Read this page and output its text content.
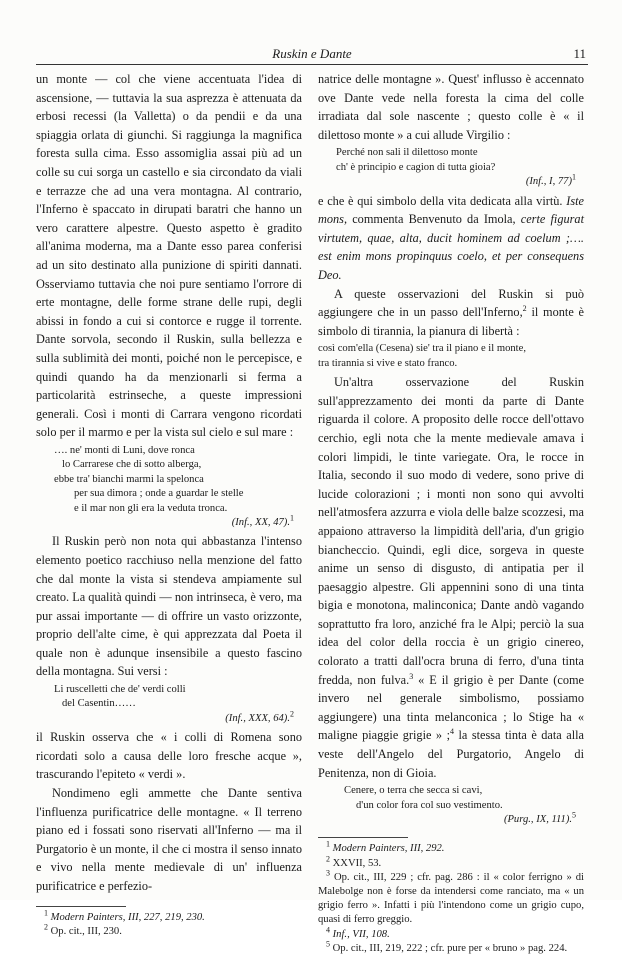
Ruskin e Dante	11

un monte — col che viene accentuata l'idea di ascensione, — tuttavia la sua asprezza è attenuata da erbosi recessi (la Valletta) o da pendii e da una spiaggia orlata di giunchi. Si raggiunga la magnifica foresta sulla cima. Esso assomiglia assai più ad un colle su cui sorga un castello e sia circondato da viali e terrazze che ad una vera montagna. Al contrario, l'Inferno è spaccato in dirupati baratri che hanno un vero carattere alpestre. Questo aspetto è gradito all'anima moderna, ma a Dante esso parea conferisi ad un sito destinato alla punizione di spiriti dannati. Osserviamo tuttavia che noi pure sentiamo l'orrore di erte montagne, delle forme strane delle rupi, degli abissi in fondo a cui si contorce e rugge il torrente. Dante sorvola, secondo il Ruskin, sulla bellezza e sulla sublimità dei monti, poiché non le percepisce, e quindi quando ha da menzionarli si ferma a particolarità estrinseche, a queste impressioni generali. Così i monti di Carrara vengono ricordati solo per il marmo e per la vista sul cielo e sul mare :

…. ne' monti di Luni, dove ronca
lo Carrarese che di sotto alberga,
ebbe tra' bianchi marmi la spelonca
per sua dimora ; onde a guardar le stelle
e il mar non gli era la veduta tronca.
(Inf., XX, 47).$^1$

Il Ruskin però non nota qui abbastanza l'intenso elemento poetico racchiuso nella menzione del fatto che dal monte la vista si stendeva ampiamente sul creato. La qualità quindi — non intrinseca, è vero, ma pur assai importante — di offrire un vasto orizzonte, proprio dell'alte cime, è qui apprezzata dal Poeta il quale non è adunque insensibile a questo fascino della montagna. Sui versi :

Li ruscelletti che de' verdi colli
del Casentin……
(Inf., XXX, 64).$^2$

il Ruskin osserva che « i colli di Romena sono ricordati solo a causa delle loro fresche acque », trascurando l'epiteto « verdi ».

Nondimeno egli ammette che Dante sentiva l'influenza purificatrice delle montagne. « Il terreno piano ed i fossati sono riservati all'Inferno — ma il Purgatorio è un monte, il che ci mostra il senso innato e vivo nella mente medievale di un' influenza purificatrice e perfezio-

$^1$ Modern Painters, III, 227, 219, 230.
$^2$ Op. cit., III, 230.

natrice delle montagne ». Quest' influsso è accennato ove Dante vede nella foresta la cima del colle irradiata dal sole nascente ; questo colle è « il dilettoso monte » a cui allude Virgilio :

Perché non sali il dilettoso monte
ch' è principio e cagion di tutta gioia?
(Inf., I, 77)$^1$

e che è qui simbolo della vita dedicata alla virtù. Iste mons, commenta Benvenuto da Imola, certe figurat virtutem, quae, alta, ducit hominem ad coelum ;…. est enim mons propinquus coelo, et per consequens Deo.

A queste osservazioni del Ruskin si può aggiungere che in un passo dell'Inferno,$^2$ il monte è simbolo di tirannia, la pianura di libertà :

così com'ella (Cesena) sie' tra il piano e il monte,
tra tirannia si vive e stato franco.

Un'altra osservazione del Ruskin sull'apprezzamento dei monti da parte di Dante riguarda il colore. A proposito delle rocce dell'ottavo cerchio, egli nota che la mente medievale amava i colori limpidi, le tinte variegate. Ora, le rocce in Italia, secondo il suo modo di vedere, sono prive di lucide colorazioni ; i monti non sono qui avvolti nell'atmosfera azzurra e viola delle balze scozzesi, ma appaiono attraverso la limpidità dell'aria, d'un grigio biancheccio. Quindi, egli dice, sorgeva in queste anime un senso di disgusto, di antipatia per il paesaggio alpestre. Gli appennini sono di una tinta bigia e monotona, malinconica; Dante andò vagando soprattutto fra loro, anziché fra le Alpi; perciò la sua idea del color della roccia è un grigio cinereo, colorato a tratti dall'ocra bruna di ferro, d'una tinta fredda, non fulva.$^3$ « E il grigio è per Dante (come invero nel generale simbolismo, possiamo aggiungere) una tinta melanconica ; lo Stige ha « maligne piaggie grigie » ;$^4$ la stessa tinta è data alla veste dell'Angelo del Purgatorio, Angelo di Penitenza, non di Gioia.

Cenere, o terra che secca si cavi,
d'un color fora col suo vestimento.
(Purg., IX, 111).$^5$
$^1$ Modern Painters, III, 292.
$^2$ XXVII, 53.
$^3$ Op. cit., III, 229 ; cfr. pag. 286 : il « color ferrigno » di Malebolge non è forse da intendersi come ranciato, ma « un grigio ferro ». Infatti i più l'intendono come un grigio cupo, quasi di ferro greggio.
$^4$ Inf., VII, 108.
$^5$ Op. cit., III, 219, 222 ; cfr. pure per « bruno » pag. 224.
